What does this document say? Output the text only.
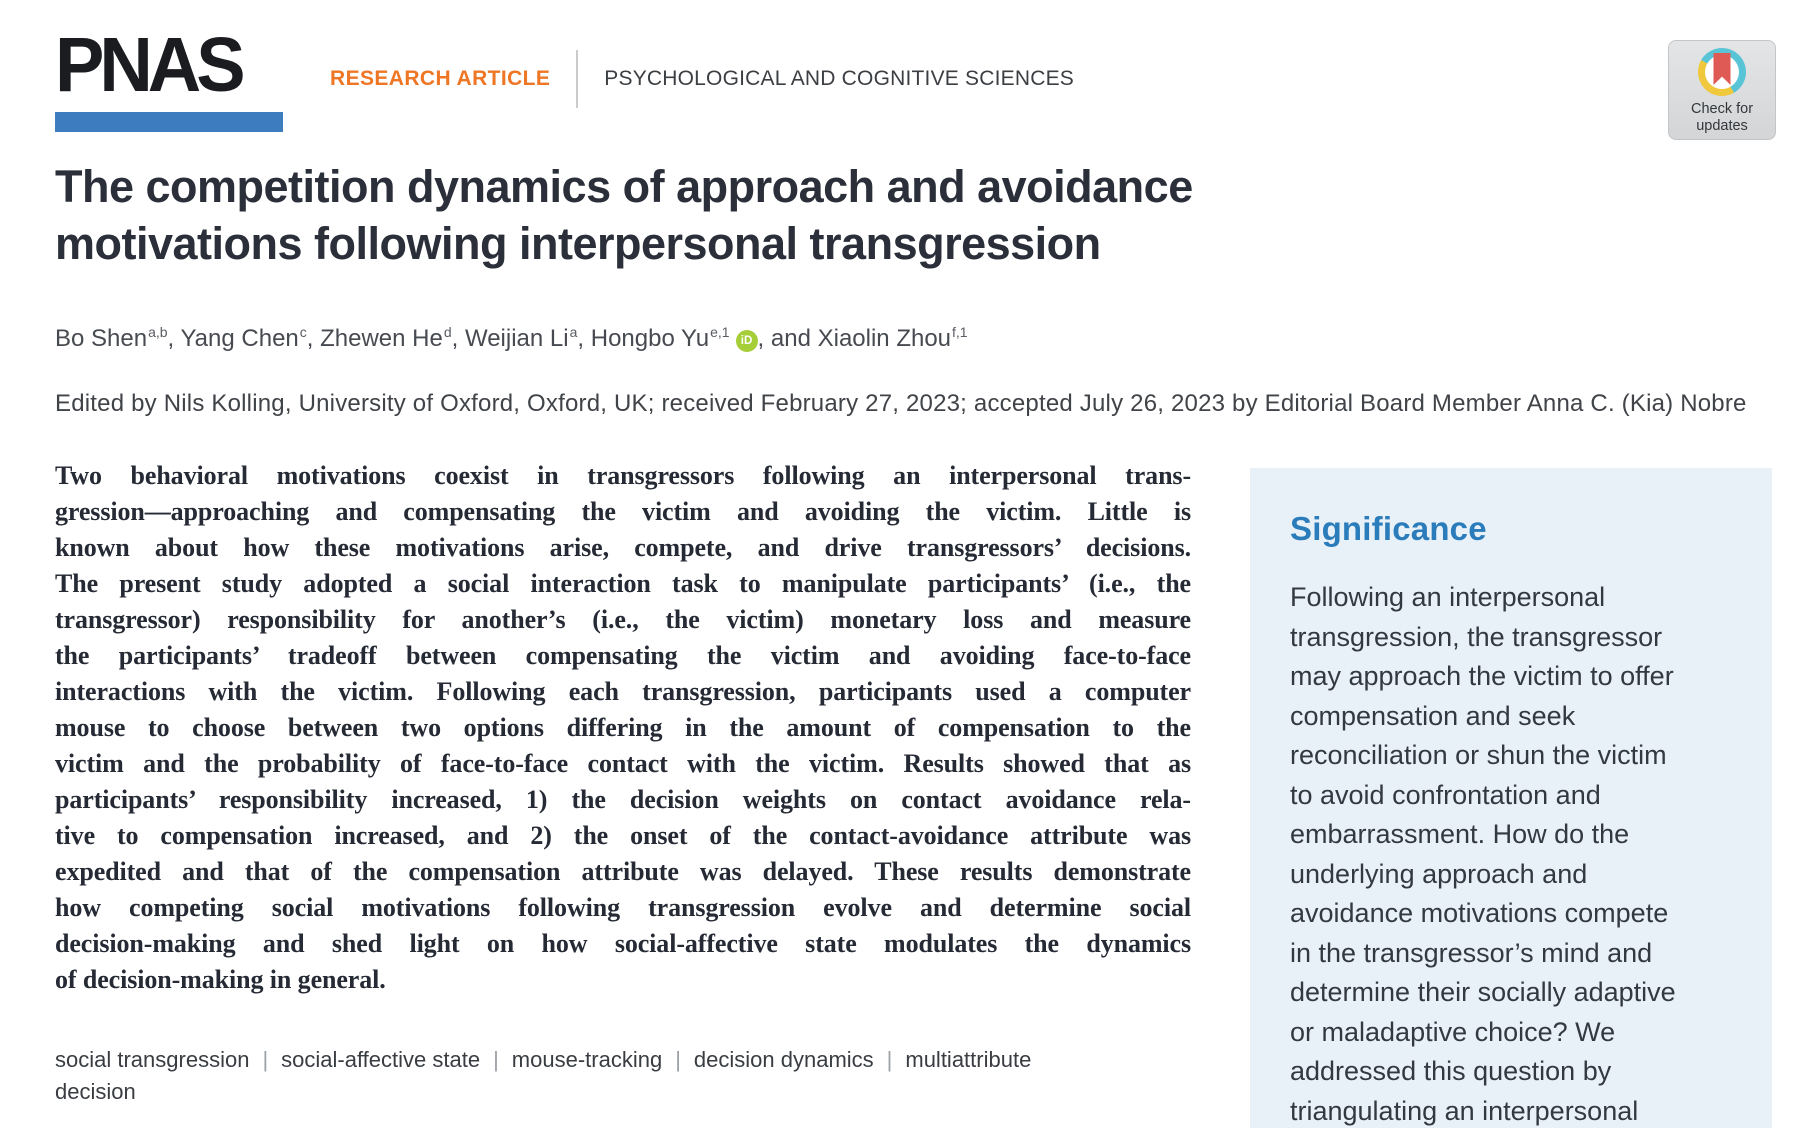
PNAS	RESEARCH ARTICLE	PSYCHOLOGICAL AND COGNITIVE SCIENCES
Check for
updates
The competition dynamics of approach and avoidance
motivations following interpersonal transgression
Bo Shen$^{a,b}$, Yang Chen$^c$, Zhewen He$^d$, Weijian Li$^a$, Hongbo Yu$^{e,1}$iD , and Xiaolin Zhou$^{f,1}$
Edited by Nils Kolling, University of Oxford, Oxford, UK; received February 27, 2023; accepted July 26, 2023 by Editorial Board Member Anna C. (Kia) Nobre
Two behavioral motivations coexist in transgressors following an interpersonal trans-
gression—approaching and compensating the victim and avoiding the victim. Little is
known about how these motivations arise, compete, and drive transgressors’ decisions.
The present study adopted a social interaction task to manipulate participants’ (i.e., the
transgressor) responsibility for another’s (i.e., the victim) monetary loss and measure
the participants’ tradeoff between compensating the victim and avoiding face-to-face
interactions with the victim. Following each transgression, participants used a computer
mouse to choose between two options differing in the amount of compensation to the
victim and the probability of face-to-face contact with the victim. Results showed that as
participants’ responsibility increased, 1) the decision weights on contact avoidance rela-
tive to compensation increased, and 2) the onset of the contact-avoidance attribute was
expedited and that of the compensation attribute was delayed. These results demonstrate
how competing social motivations following transgression evolve and determine social
decision-making and shed light on how social-affective state modulates the dynamics
of decision-making in general.
social transgression | social-affective state | mouse-tracking | decision dynamics | multiattribute decision
Significance
Following an interpersonal
transgression, the transgressor
may approach the victim to offer
compensation and seek
reconciliation or shun the victim
to avoid confrontation and
embarrassment. How do the
underlying approach and
avoidance motivations compete
in the transgressor’s mind and
determine their socially adaptive
or maladaptive choice? We
addressed this question by
triangulating an interpersonal
